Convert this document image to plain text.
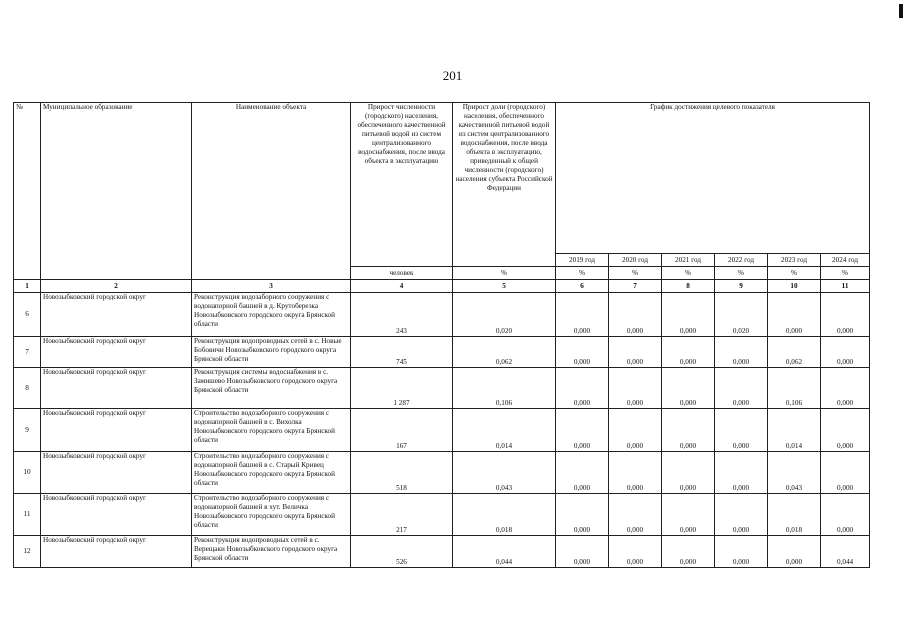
201
№	Муниципальное образование	Наименование объекта	Прирост численности (городского) населения, обеспеченного качественной питьевой водой из систем централизованного водоснабжения, после ввода объекта в эксплуатацию	Прирост доли (городского) населения, обеспеченного качественной питьевой водой из систем централизованного водоснабжения, после ввода объекта в эксплуатацию, приведенный к общей численности (городского) населения субъекта Российской Федерации	График достижения целевого показателя					
					2019 год	2020 год	2021 год	2022 год	2023 год	2024 год
			человек	%	%	%	%	%	%	%
1	2	3	4	5	6	7	8	9	10	11
6	Новозыбковский городской округ	Реконструкция водозаборного сооружения с водонапорной башней в д. Крутоберезка Новозыбковского городского округа Брянской области	243	0,020	0,000	0,000	0,000	0,020	0,000	0,000
7	Новозыбковский городской округ	Реконструкция водопроводных сетей в с. Новые Бобовичи Новозыбковского городского округа Брянской области	745	0,062	0,000	0,000	0,000	0,000	0,062	0,000
8	Новозыбковский городской округ	Реконструкция системы водоснабжения в с. Замишево Новозыбковского городского округа Брянской области	1 287	0,106	0,000	0,000	0,000	0,000	0,106	0,000
9	Новозыбковский городской округ	Строительство водозаборного сооружения с водонапорной башней в с. Вихолка Новозыбковского городского округа Брянской области	167	0,014	0,000	0,000	0,000	0,000	0,014	0,000
10	Новозыбковский городской округ	Строительство водозаборного сооружения с водонапорной башней в с. Старый Кривец Новозыбковского городского округа Брянской области	518	0,043	0,000	0,000	0,000	0,000	0,043	0,000
11	Новозыбковский городской округ	Строительство водозаборного сооружения с водонапорной башней в хут. Величка Новозыбковского городского округа Брянской области	217	0,018	0,000	0,000	0,000	0,000	0,018	0,000
12	Новозыбковский городской округ	Реконструкция водопроводных сетей в с. Верещаки Новозыбковского городского округа Брянской области	526	0,044	0,000	0,000	0,000	0,000	0,000	0,044
